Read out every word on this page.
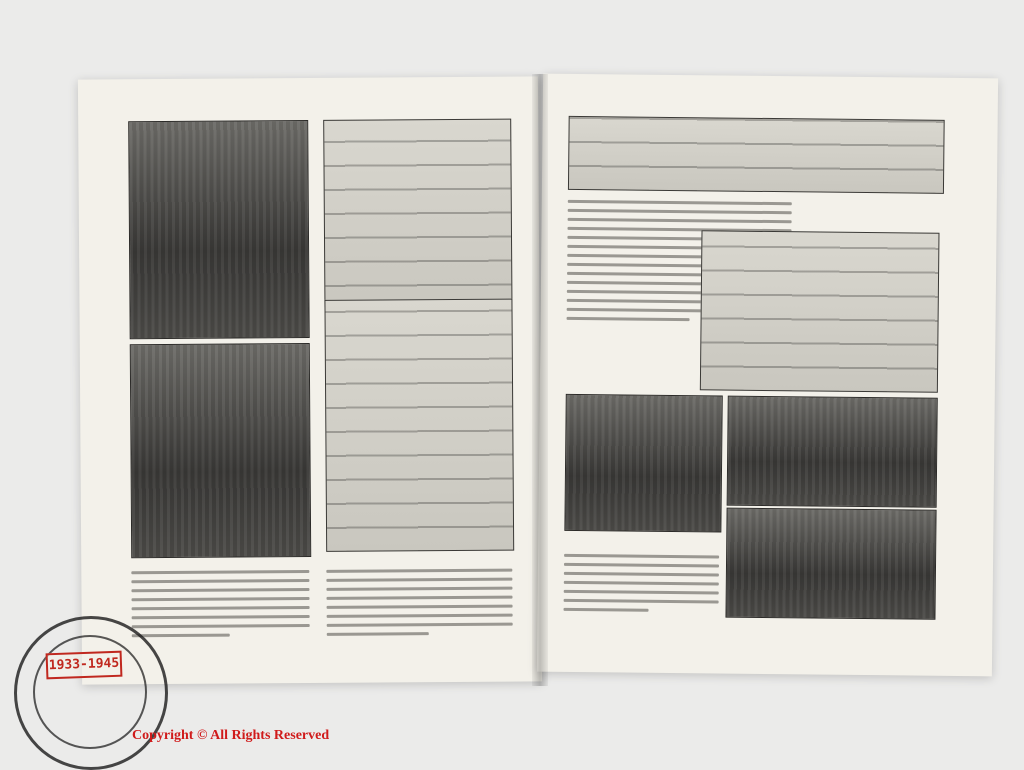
1933-1945
Copyright © All Rights Reserved
